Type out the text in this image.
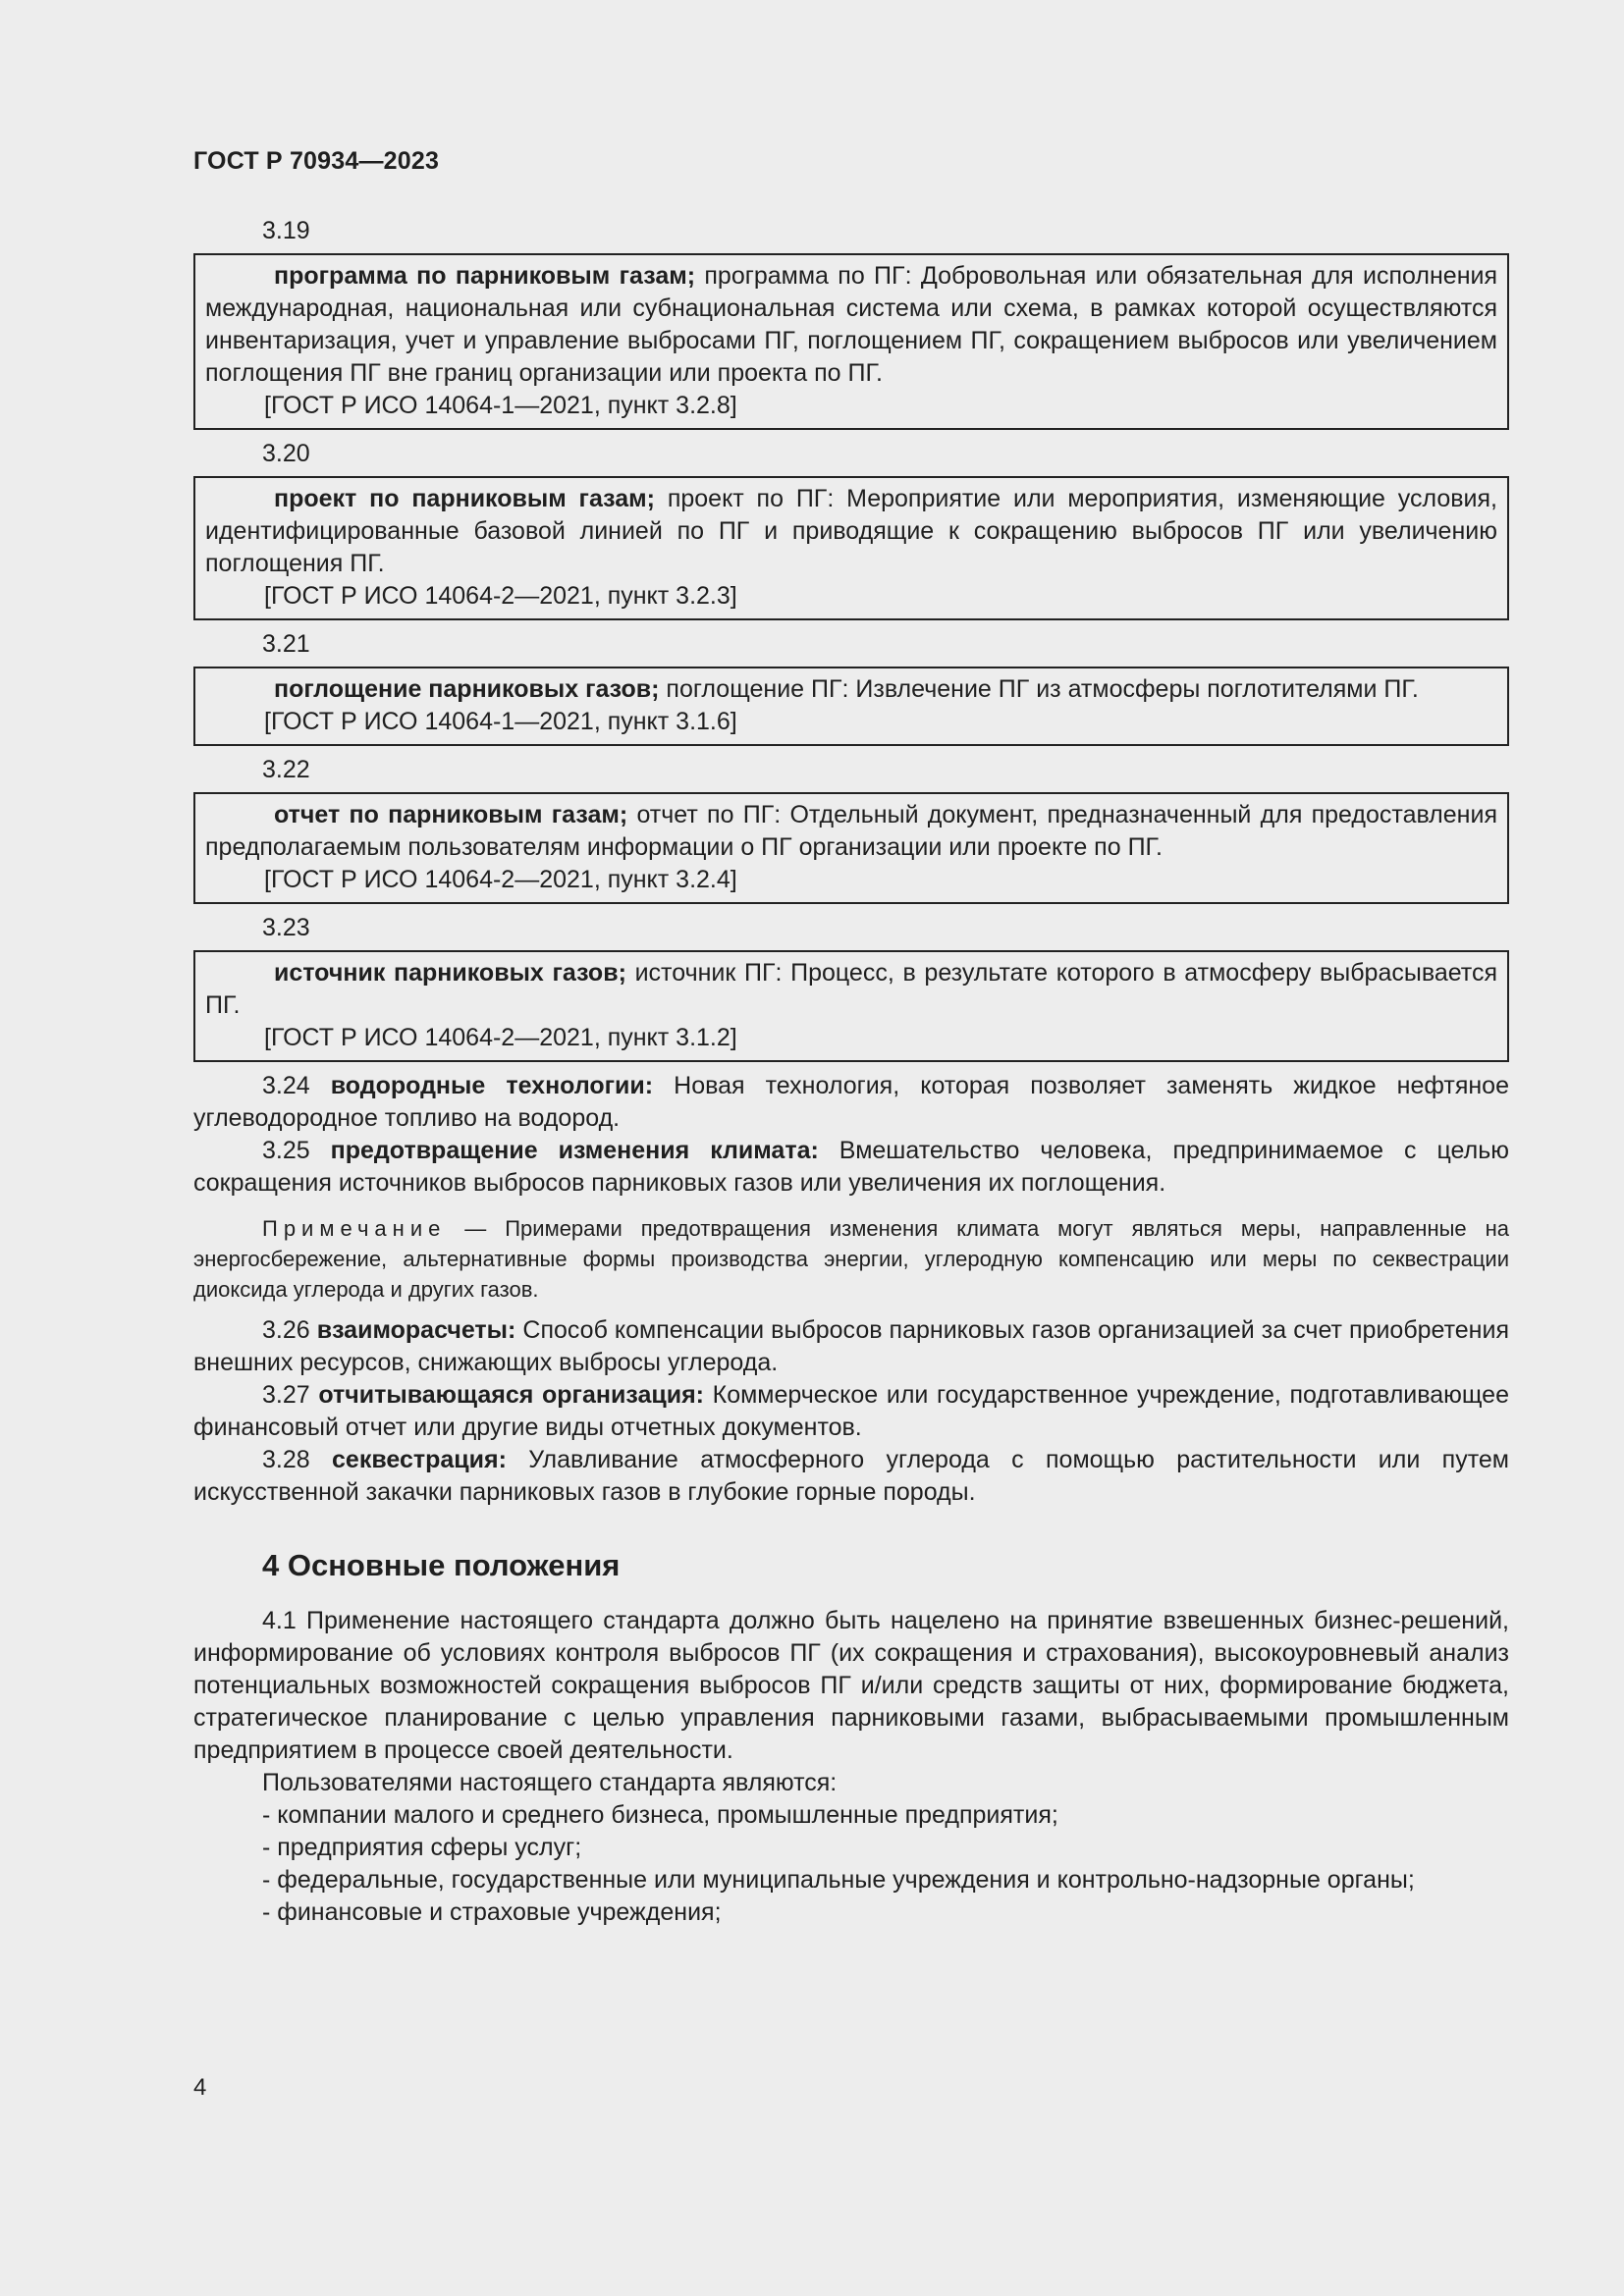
ГОСТ Р 70934—2023

3.19

программа по парниковым газам; программа по ПГ: Добровольная или обязательная для исполнения международная, национальная или субнациональная система или схема, в рамках которой осуществляются инвентаризация, учет и управление выбросами ПГ, поглощением ПГ, сокращением выбросов или увеличением поглощения ПГ вне границ организации или проекта по ПГ.

[ГОСТ Р ИСО 14064-1—2021, пункт 3.2.8]

3.20

проект по парниковым газам; проект по ПГ: Мероприятие или мероприятия, изменяющие условия, идентифицированные базовой линией по ПГ и приводящие к сокращению выбросов ПГ или увеличению поглощения ПГ.

[ГОСТ Р ИСО 14064-2—2021, пункт 3.2.3]

3.21

поглощение парниковых газов; поглощение ПГ: Извлечение ПГ из атмосферы поглотителями ПГ.

[ГОСТ Р ИСО 14064-1—2021, пункт 3.1.6]

3.22

отчет по парниковым газам; отчет по ПГ: Отдельный документ, предназначенный для предоставления предполагаемым пользователям информации о ПГ организации или проекте по ПГ.

[ГОСТ Р ИСО 14064-2—2021, пункт 3.2.4]

3.23

источник парниковых газов; источник ПГ: Процесс, в результате которого в атмосферу выбрасывается ПГ.

[ГОСТ Р ИСО 14064-2—2021, пункт 3.1.2]

3.24 водородные технологии: Новая технология, которая позволяет заменять жидкое нефтяное углеводородное топливо на водород.

3.25 предотвращение изменения климата: Вмешательство человека, предпринимаемое с целью сокращения источников выбросов парниковых газов или увеличения их поглощения.

Примечание — Примерами предотвращения изменения климата могут являться меры, направленные на энергосбережение, альтернативные формы производства энергии, углеродную компенсацию или меры по секвестрации диоксида углерода и других газов.

3.26 взаиморасчеты: Способ компенсации выбросов парниковых газов организацией за счет приобретения внешних ресурсов, снижающих выбросы углерода.

3.27 отчитывающаяся организация: Коммерческое или государственное учреждение, подготавливающее финансовый отчет или другие виды отчетных документов.

3.28 секвестрация: Улавливание атмосферного углерода с помощью растительности или путем искусственной закачки парниковых газов в глубокие горные породы.

4 Основные положения

4.1 Применение настоящего стандарта должно быть нацелено на принятие взвешенных бизнес-решений, информирование об условиях контроля выбросов ПГ (их сокращения и страхования), высокоуровневый анализ потенциальных возможностей сокращения выбросов ПГ и/или средств защиты от них, формирование бюджета, стратегическое планирование с целью управления парниковыми газами, выбрасываемыми промышленным предприятием в процессе своей деятельности.

Пользователями настоящего стандарта являются:

- компании малого и среднего бизнеса, промышленные предприятия;

- предприятия сферы услуг;

- федеральные, государственные или муниципальные учреждения и контрольно-надзорные органы;

- финансовые и страховые учреждения;

4
